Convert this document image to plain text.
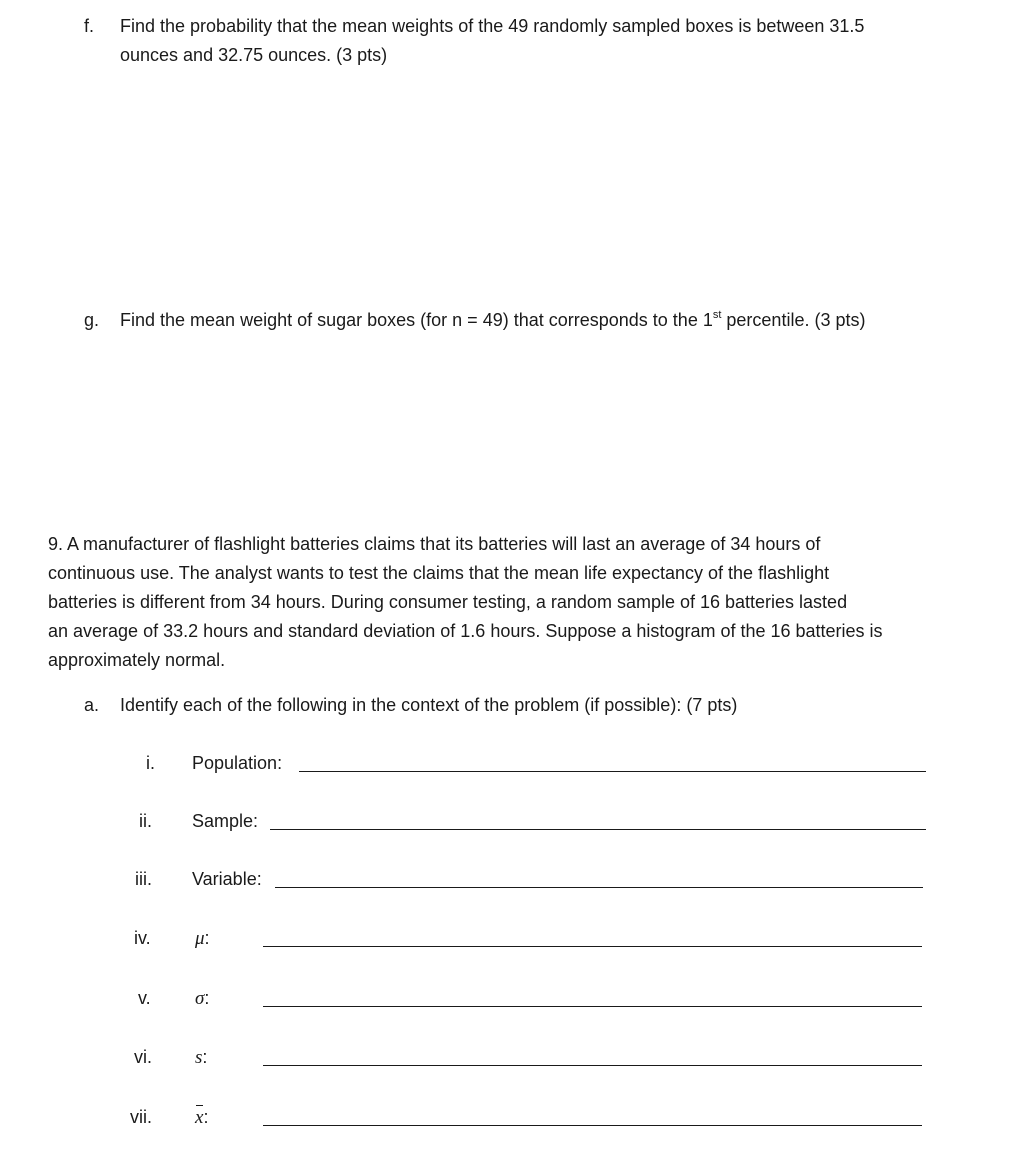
f. Find the probability that the mean weights of the 49 randomly sampled boxes is between 31.5
ounces and 32.75 ounces. (3 pts)
g. Find the mean weight of sugar boxes (for n = 49) that corresponds to the 1st percentile. (3 pts)
9. A manufacturer of flashlight batteries claims that its batteries will last an average of 34 hours of
continuous use. The analyst wants to test the claims that the mean life expectancy of the flashlight
batteries is different from 34 hours. During consumer testing, a random sample of 16 batteries lasted
an average of 33.2 hours and standard deviation of 1.6 hours. Suppose a histogram of the 16 batteries is
approximately normal.
a. Identify each of the following in the context of the problem (if possible): (7 pts)
i. Population:
ii. Sample:
iii. Variable:
iv. μ:
v. σ:
vi. s:
vii. x:
